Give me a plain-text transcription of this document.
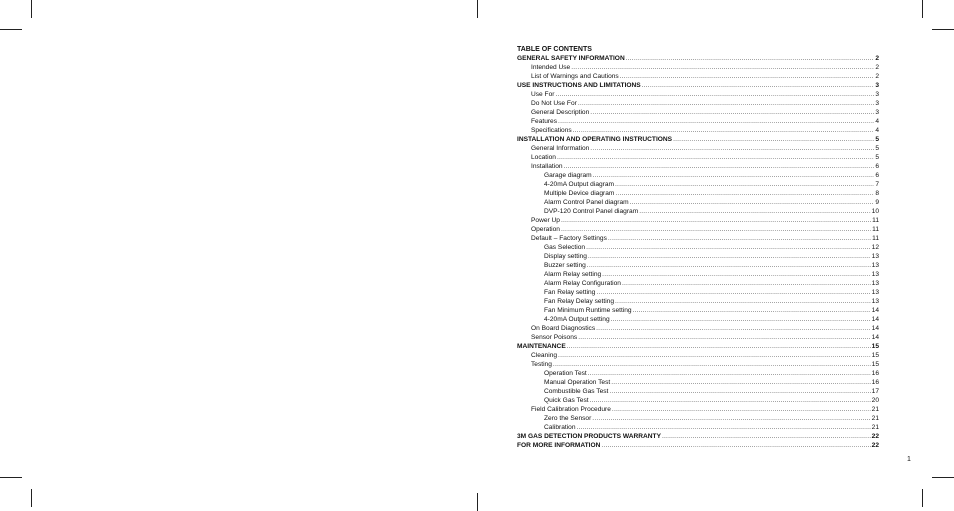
TABLE OF CONTENTS
GENERAL SAFETY INFORMATION .....	2
Intended Use .....	2
List of Warnings and Cautions .....	2
USE INSTRUCTIONS AND LIMITATIONS .....	3
Use For .....	3
Do Not Use For .....	3
General Description .....	3
Features .....	4
Specifications .....	4
INSTALLATION AND OPERATING INSTRUCTIONS .....	5
General Information .....	5
Location .....	5
Installation .....	6
Garage diagram .....	6
4-20mA Output diagram .....	7
Multiple Device diagram .....	8
Alarm Control Panel diagram .....	9
DVP-120 Control Panel diagram .....	10
Power Up .....	11
Operation .....	11
Default – Factory Settings .....	11
Gas Selection .....	12
Display setting .....	13
Buzzer setting .....	13
Alarm Relay setting .....	13
Alarm Relay Configuration .....	13
Fan Relay setting .....	13
Fan Relay Delay setting .....	13
Fan Minimum Runtime setting .....	14
4-20mA Output setting .....	14
On Board Diagnostics .....	14
Sensor Poisons .....	14
MAINTENANCE .....	15
Cleaning .....	15
Testing .....	15
Operation Test .....	16
Manual Operation Test .....	16
Combustible Gas Test .....	17
Quick Gas Test .....	20
Field Calibration Procedure .....	21
Zero the Sensor .....	21
Calibration .....	21
3M GAS DETECTION PRODUCTS WARRANTY .....	22
FOR MORE INFORMATION .....	22
1
